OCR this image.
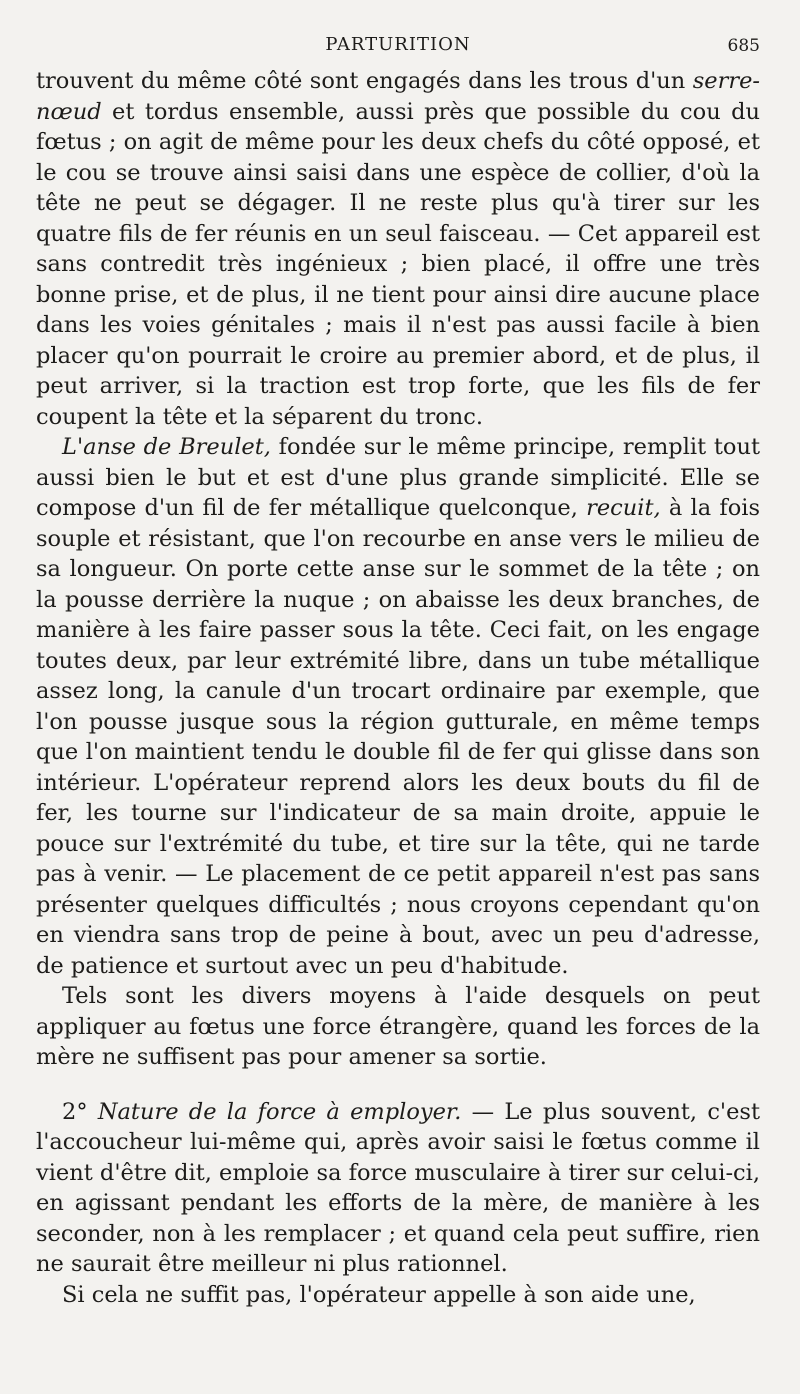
PARTURITION	685

trouvent du même côté sont engagés dans les trous d'un serre-nœud et tordus ensemble, aussi près que possible du cou du fœtus ; on agit de même pour les deux chefs du côté opposé, et le cou se trouve ainsi saisi dans une espèce de collier, d'où la tête ne peut se dégager. Il ne reste plus qu'à tirer sur les quatre fils de fer réunis en un seul faisceau. — Cet appareil est sans contredit très ingénieux ; bien placé, il offre une très bonne prise, et de plus, il ne tient pour ainsi dire aucune place dans les voies génitales ; mais il n'est pas aussi facile à bien placer qu'on pourrait le croire au premier abord, et de plus, il peut arriver, si la traction est trop forte, que les fils de fer coupent la tête et la séparent du tronc.

L'anse de Breulet, fondée sur le même principe, remplit tout aussi bien le but et est d'une plus grande simplicité. Elle se compose d'un fil de fer métallique quelconque, recuit, à la fois souple et résistant, que l'on recourbe en anse vers le milieu de sa longueur. On porte cette anse sur le sommet de la tête ; on la pousse derrière la nuque ; on abaisse les deux branches, de manière à les faire passer sous la tête. Ceci fait, on les engage toutes deux, par leur extrémité libre, dans un tube métallique assez long, la canule d'un trocart ordinaire par exemple, que l'on pousse jusque sous la région gutturale, en même temps que l'on maintient tendu le double fil de fer qui glisse dans son intérieur. L'opérateur reprend alors les deux bouts du fil de fer, les tourne sur l'indicateur de sa main droite, appuie le pouce sur l'extrémité du tube, et tire sur la tête, qui ne tarde pas à venir. — Le placement de ce petit appareil n'est pas sans présenter quelques difficultés ; nous croyons cependant qu'on en viendra sans trop de peine à bout, avec un peu d'adresse, de patience et surtout avec un peu d'habitude.

Tels sont les divers moyens à l'aide desquels on peut appliquer au fœtus une force étrangère, quand les forces de la mère ne suffisent pas pour amener sa sortie.

2° Nature de la force à employer. — Le plus souvent, c'est l'accoucheur lui-même qui, après avoir saisi le fœtus comme il vient d'être dit, emploie sa force musculaire à tirer sur celui-ci, en agissant pendant les efforts de la mère, de manière à les seconder, non à les remplacer ; et quand cela peut suffire, rien ne saurait être meilleur ni plus rationnel.

Si cela ne suffit pas, l'opérateur appelle à son aide une,
